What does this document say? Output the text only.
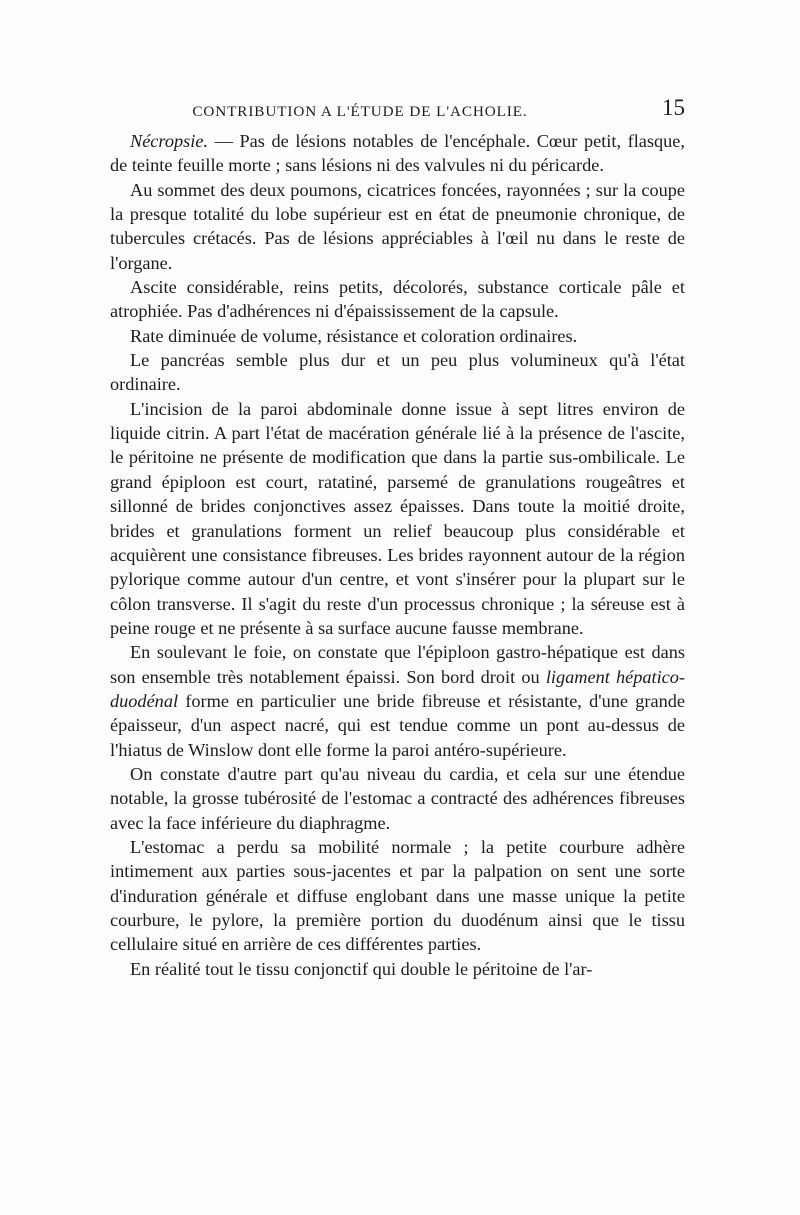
CONTRIBUTION A L'ÉTUDE DE L'ACHOLIE.	15

Nécropsie. — Pas de lésions notables de l'encéphale. Cœur petit, flasque, de teinte feuille morte ; sans lésions ni des valvules ni du péricarde.

Au sommet des deux poumons, cicatrices foncées, rayonnées ; sur la coupe la presque totalité du lobe supérieur est en état de pneumonie chronique, de tubercules crétacés. Pas de lésions appréciables à l'œil nu dans le reste de l'organe.

Ascite considérable, reins petits, décolorés, substance corticale pâle et atrophiée. Pas d'adhérences ni d'épaississement de la capsule.

Rate diminuée de volume, résistance et coloration ordinaires.

Le pancréas semble plus dur et un peu plus volumineux qu'à l'état ordinaire.

L'incision de la paroi abdominale donne issue à sept litres environ de liquide citrin. A part l'état de macération générale lié à la présence de l'ascite, le péritoine ne présente de modification que dans la partie sus-ombilicale. Le grand épiploon est court, ratatiné, parsemé de granulations rougeâtres et sillonné de brides conjonctives assez épaisses. Dans toute la moitié droite, brides et granulations forment un relief beaucoup plus considérable et acquièrent une consistance fibreuses. Les brides rayonnent autour de la région pylorique comme autour d'un centre, et vont s'insérer pour la plupart sur le côlon transverse. Il s'agit du reste d'un processus chronique ; la séreuse est à peine rouge et ne présente à sa surface aucune fausse membrane.

En soulevant le foie, on constate que l'épiploon gastro-hépatique est dans son ensemble très notablement épaissi. Son bord droit ou ligament hépatico-duodénal forme en particulier une bride fibreuse et résistante, d'une grande épaisseur, d'un aspect nacré, qui est tendue comme un pont au-dessus de l'hiatus de Winslow dont elle forme la paroi antéro-supérieure.

On constate d'autre part qu'au niveau du cardia, et cela sur une étendue notable, la grosse tubérosité de l'estomac a contracté des adhérences fibreuses avec la face inférieure du diaphragme.

L'estomac a perdu sa mobilité normale ; la petite courbure adhère intimement aux parties sous-jacentes et par la palpation on sent une sorte d'induration générale et diffuse englobant dans une masse unique la petite courbure, le pylore, la première portion du duodénum ainsi que le tissu cellulaire situé en arrière de ces différentes parties.

En réalité tout le tissu conjonctif qui double le péritoine de l'ar-
